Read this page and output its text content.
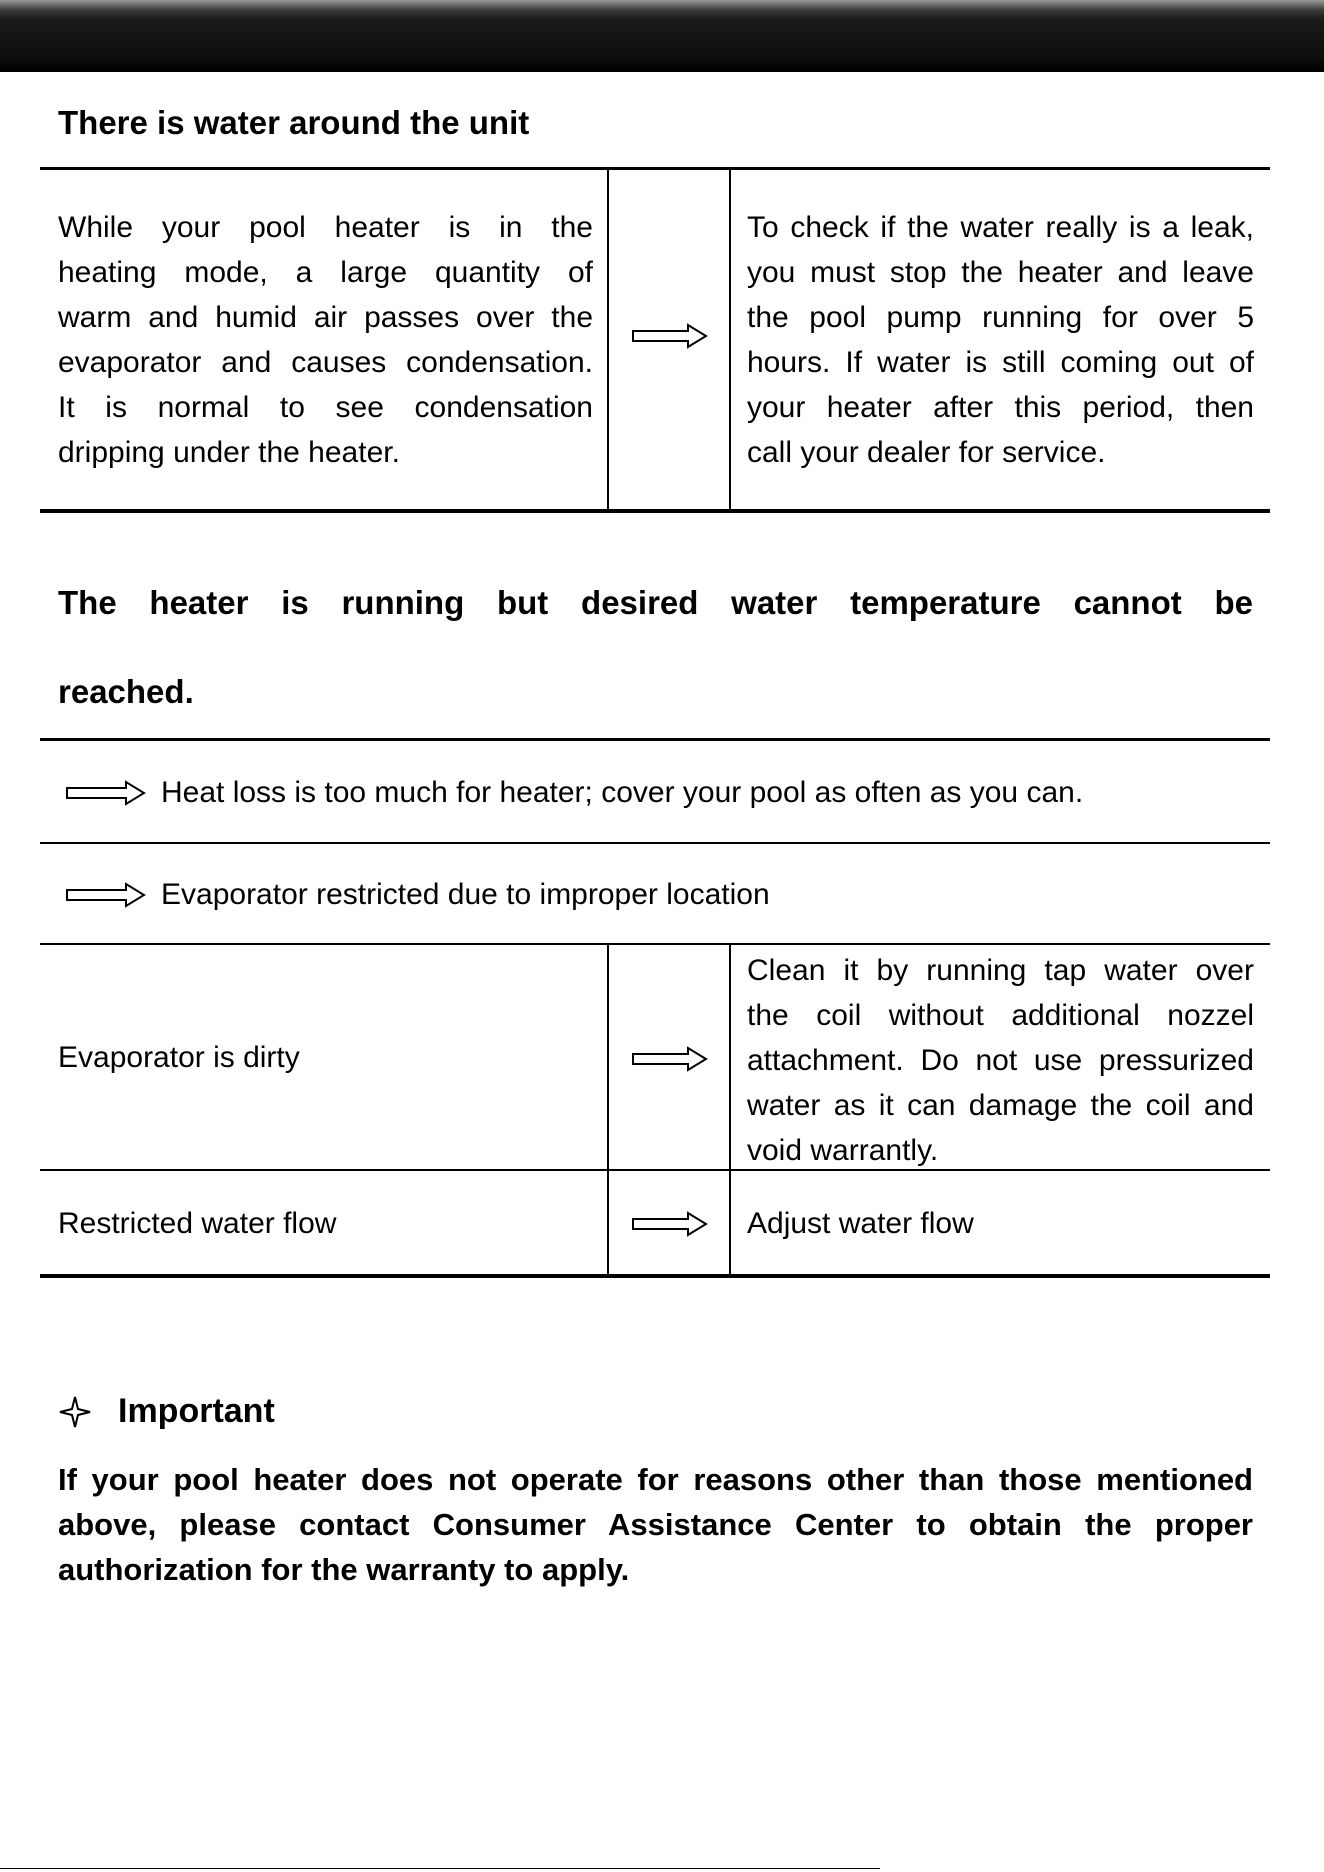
There is water around the unit
While your pool heater is in the
heating mode, a large quantity of
warm and humid air passes over the
evaporator and causes condensation.
It is normal to see condensation
dripping under the heater.
To check if the water really is a leak,
you must stop the heater and leave
the pool pump running for over 5
hours. If water is still coming out of
your heater after this period, then
call your dealer for service.
The heater is running but desired water temperature cannot be
reached.
Heat loss is too much for heater; cover your pool as often as you can.
Evaporator restricted due to improper location
Evaporator is dirty
Clean it by running tap water over
the coil without additional nozzel
attachment. Do not use pressurized
water as it can damage the coil and
void warrantly.
Restricted water flow	Adjust water flow
Important
If your pool heater does not operate for reasons other than those mentioned above, please contact Consumer Assistance Center to obtain the proper authorization for the warranty to apply.
